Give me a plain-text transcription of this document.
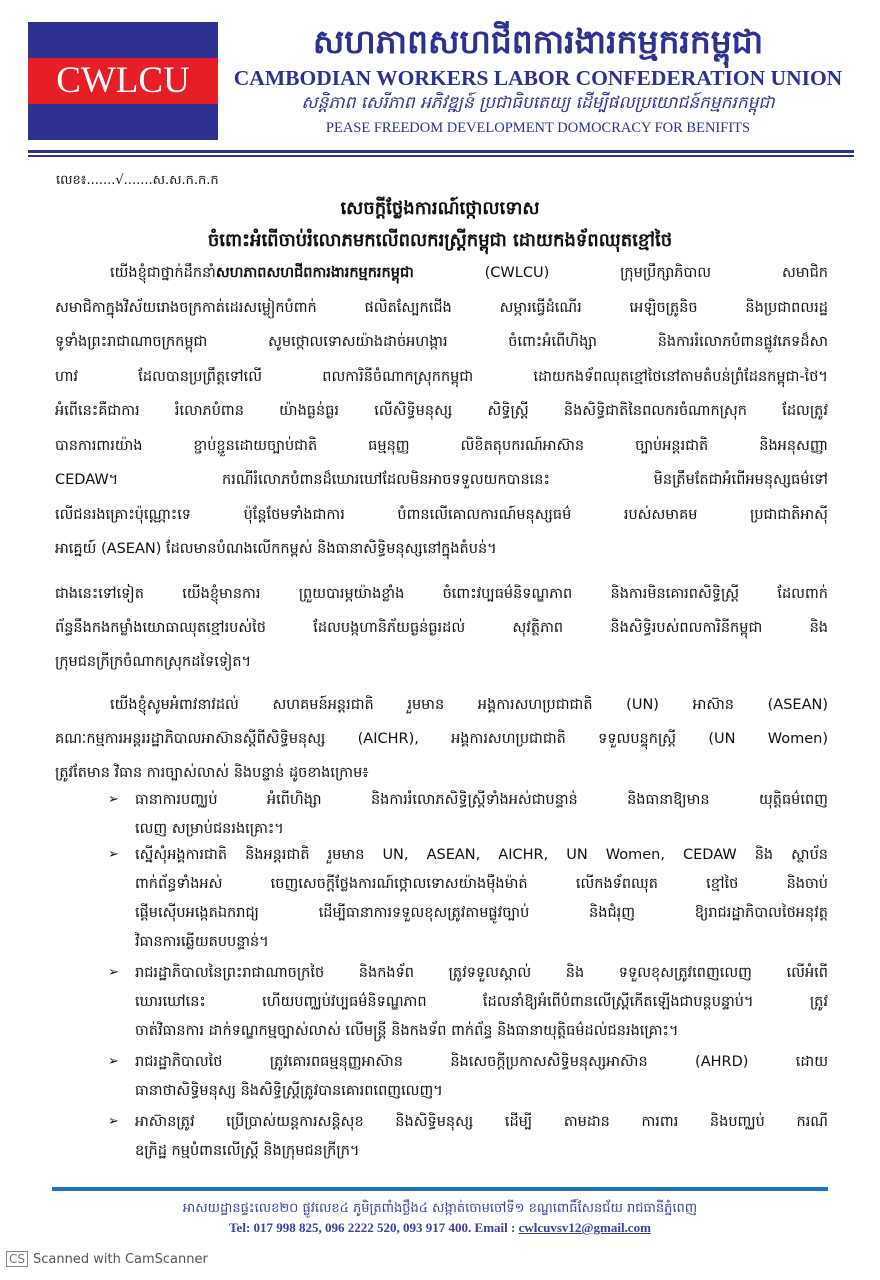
CWLCU
សហភាពសហជីពការងារកម្មករកម្ពុជា
CAMBODIAN WORKERS LABOR CONFEDERATION UNION
សន្តិភាព សេរីភាព អភិវឌ្ឍន៍ ប្រជាធិបតេយ្យ ដើម្បីផលប្រយោជន៍កម្មករកម្ពុជា
PEASE FREEDOM DEVELOPMENT DOMOCRACY FOR BENIFITS
លេខ៖.......√.......ស.ស.ក.ក.ក
សេចក្តីថ្លែងការណ៍ថ្កោលទោស
ចំពោះអំពើចាប់រំលោភមកលើពលករស្ត្រីកម្ពុជា ដោយកងទ័ពឈុតខ្មៅថៃ
យើងខ្ញុំជាថ្នាក់ដឹកនាំសហភាពសហជីពការងារកម្មករកម្ពុជា (CWLCU) ក្រុមប្រឹក្សាភិបាល សមាជិក
សមាជិកាក្នុងវិស័យរោងចក្រកាត់ដេរសម្លៀកបំពាក់ ផលិតស្បែកជើង សម្ភារធ្វើដំណើរ អេឡិចត្រូនិច និងប្រជាពលរដ្ឋ
ទូទាំងព្រះរាជាណាចក្រកម្ពុជា សូមថ្កោលទោសយ៉ាងដាច់អហង្ការ ចំពោះអំពើហិង្សា និងការរំលោភបំពានផ្លូវភេទដ៏សា
ហាវ ដែលបានប្រព្រឹត្តទៅលើ ពលការិនីចំណាកស្រុកកម្ពុជា ដោយកងទ័ពឈុតខ្មៅថៃនៅតាមតំបន់ព្រំដែនកម្ពុជា-ថៃ។
អំពើនេះគឺជាការ រំលោភបំពាន យ៉ាងធ្ងន់ធ្ងរ លើសិទ្ធិមនុស្ស សិទ្ធិស្ត្រី និងសិទ្ធិជាតិនៃពលករចំណាកស្រុក ដែលត្រូវ
បានការពារយ៉ាង ខ្ជាប់ខ្ជួនដោយច្បាប់ជាតិ ធម្មនុញ្ញ លិខិតតុបករណ៍អាស៊ាន ច្បាប់អន្តរជាតិ និងអនុសញ្ញា
CEDAW។ ករណីរំលោភបំពានដ៏ឃោរឃៅដែលមិនអាចទទួលយកបាននេះ មិនត្រឹមតែជាអំពើអមនុស្សធម៌ទៅ
លើជនរងគ្រោះប៉ុណ្ណោះទេ ប៉ុន្តែថែមទាំងជាការ បំពានលើគោលការណ៍មនុស្សធម៌ របស់សមាគម ប្រជាជាតិអាស៊ី
អាគ្នេយ៍ (ASEAN) ដែលមានបំណងលើកកម្ពស់ និងធានាសិទ្ធិមនុស្សនៅក្នុងតំបន់។
ជាងនេះទៅទៀត យើងខ្ញុំមានការ ព្រួយបារម្ភយ៉ាងខ្លាំង ចំពោះវប្បធម៌និទណ្ឌភាព និងការមិនគោរពសិទ្ធិស្ត្រី ដែលពាក់
ព័ន្ធនឹងកងកម្លាំងយោធាឈុតខ្មៅរបស់ថៃ ដែលបង្កហានិភ័យធ្ងន់ធ្ងរដល់ សុវត្ថិភាព និងសិទ្ធិរបស់ពលការិនីកម្ពុជា និង
ក្រុមជនក្រីក្រចំណាកស្រុកដទៃទៀត។
យើងខ្ញុំសូមអំពាវនាវដល់ សហគមន៍អន្តរជាតិ រួមមាន អង្គការសហប្រជាជាតិ (UN) អាស៊ាន (ASEAN)
គណៈកម្មការអន្តររដ្ឋាភិបាលអាស៊ានស្តីពីសិទ្ធិមនុស្ស (AICHR), អង្គការសហប្រជាជាតិ ទទួលបន្ទុកស្ត្រី (UN Women)
ត្រូវតែមាន វិធាន ការច្បាស់លាស់ និងបន្ទាន់ ដូចខាងក្រោម៖
➢ ធានាការបញ្ឈប់ អំពើហិង្សា និងការរំលោភសិទ្ធិស្ត្រីទាំងអស់ជាបន្ទាន់ និងធានាឱ្យមាន យុត្តិធម៌ពេញ
លេញ សម្រាប់ជនរងគ្រោះ។
➢ ស្នើសុំអង្គការជាតិ និងអន្តរជាតិ រួមមាន UN, ASEAN, AICHR, UN Women, CEDAW និង ស្ថាប័ន
ពាក់ព័ន្ធទាំងអស់ ចេញសេចក្តីថ្លែងការណ៍ថ្កោលទោសយ៉ាងម៉ឺងម៉ាត់ លើកងទ័ពឈុត ខ្មៅថៃ និងចាប់
ផ្តើមស៊ើបអង្កេតឯករាជ្យ ដើម្បីធានាការទទួលខុសត្រូវតាមផ្លូវច្បាប់ និងជំរុញ ឱ្យរាជរដ្ឋាភិបាលថៃអនុវត្ត
វិធានការឆ្លើយតបបន្ទាន់។
➢ រាជរដ្ឋាភិបាលនៃព្រះរាជាណាចក្រថៃ និងកងទ័ព ត្រូវទទួលស្គាល់ និង ទទួលខុសត្រូវពេញលេញ លើអំពើ
ឃោរឃៅនេះ ហើយបញ្ឈប់វប្បធម៌និទណ្ឌភាព ដែលនាំឱ្យអំពើបំពានលើស្ត្រីកើតឡើងជាបន្តបន្ទាប់។ ត្រូវ
ចាត់វិធានការ ដាក់ទណ្ឌកម្មច្បាស់លាស់ លើមន្ត្រី និងកងទ័ព ពាក់ព័ន្ធ និងធានាយុត្តិធម៌ដល់ជនរងគ្រោះ។
➢ រាជរដ្ឋាភិបាលថៃ ត្រូវគោរពធម្មនុញ្ញអាស៊ាន និងសេចក្តីប្រកាសសិទ្ធិមនុស្សអាស៊ាន (AHRD) ដោយ
ធានាថាសិទ្ធិមនុស្ស និងសិទ្ធិស្ត្រីត្រូវបានគោរពពេញលេញ។
➢ អាស៊ានត្រូវ ប្រើប្រាស់យន្តការសន្តិសុខ និងសិទ្ធិមនុស្ស ដើម្បី តាមដាន ការពារ និងបញ្ឈប់ ករណី
ឧក្រិដ្ឋ កម្មបំពានលើស្ត្រី និងក្រុមជនក្រីក្រ។
អាសយដ្ឋានផ្ទះលេខ២០ ផ្លូវលេខ៤ ភូមិត្រពាំងថ្លឹង៤ សង្កាត់ចោមចៅទី១ ខណ្ឌពោធិ៍សែនជ័យ រាជធានីភ្នំពេញ
Tel: 017 998 825, 096 2222 520, 093 917 400. Email : cwlcuvsv12@gmail.com
CS Scanned with CamScanner
